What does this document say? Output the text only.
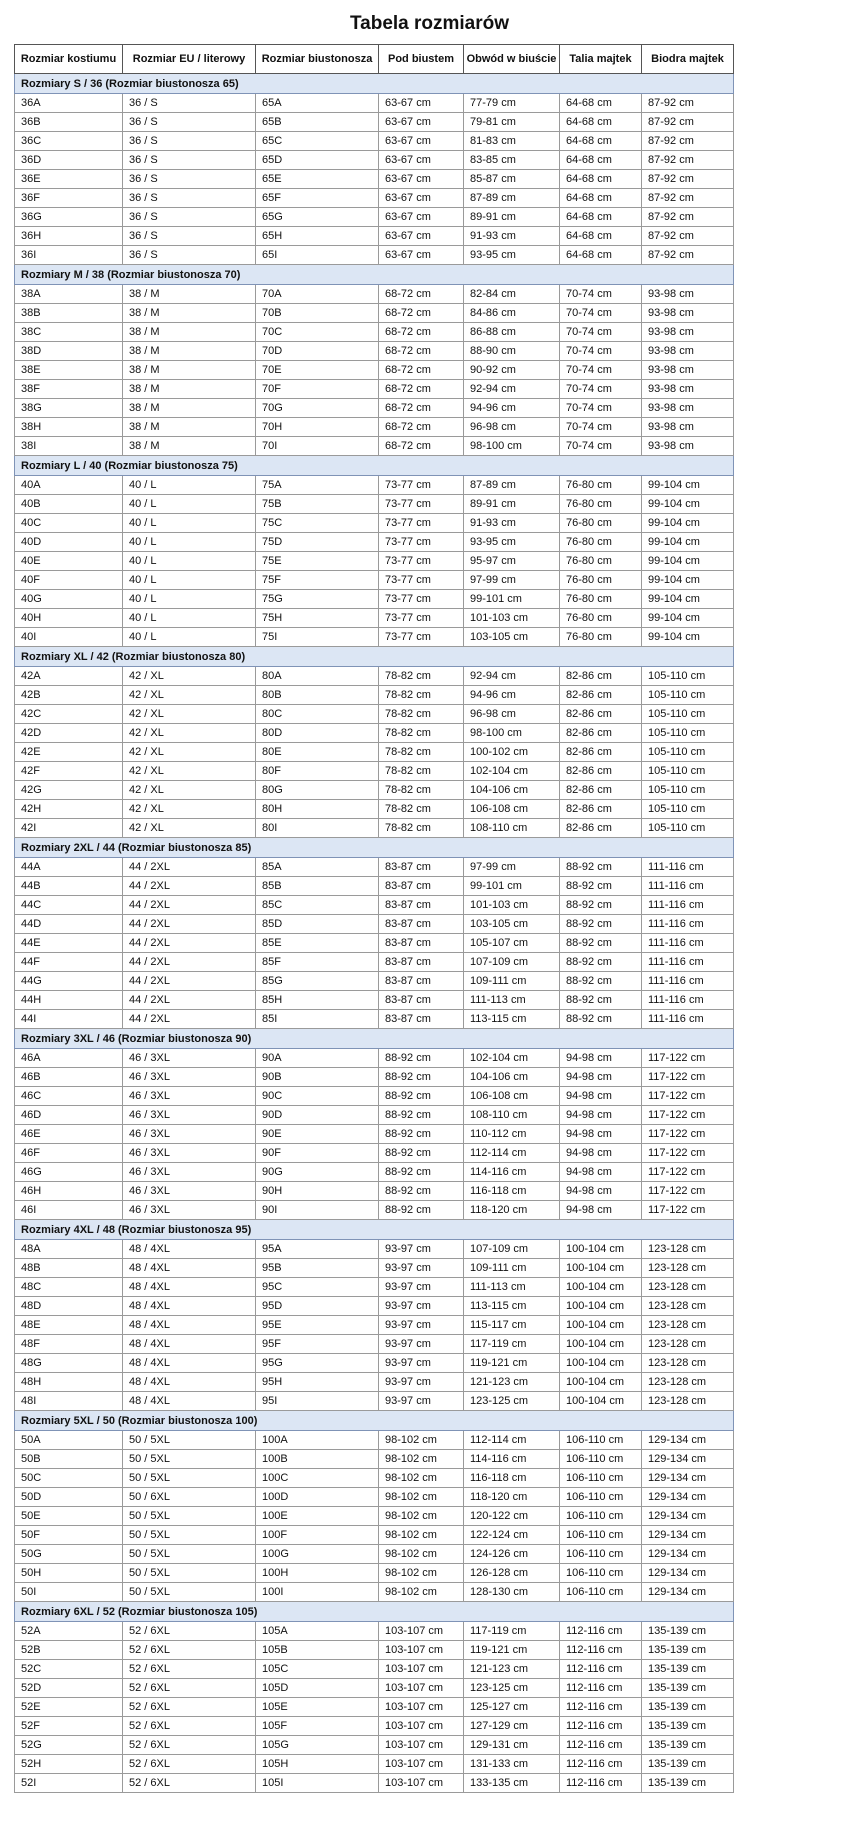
Tabela rozmiarów
Rozmiar kostiumu	Rozmiar EU / literowy	Rozmiar biustonosza	Pod biustem	Obwód w biuście	Talia majtek	Biodra majtek
Rozmiary S / 36 (Rozmiar biustonosza 65)						
36A	36 / S	65A	63-67 cm	77-79 cm	64-68 cm	87-92 cm
36B	36 / S	65B	63-67 cm	79-81 cm	64-68 cm	87-92 cm
36C	36 / S	65C	63-67 cm	81-83 cm	64-68 cm	87-92 cm
36D	36 / S	65D	63-67 cm	83-85 cm	64-68 cm	87-92 cm
36E	36 / S	65E	63-67 cm	85-87 cm	64-68 cm	87-92 cm
36F	36 / S	65F	63-67 cm	87-89 cm	64-68 cm	87-92 cm
36G	36 / S	65G	63-67 cm	89-91 cm	64-68 cm	87-92 cm
36H	36 / S	65H	63-67 cm	91-93 cm	64-68 cm	87-92 cm
36I	36 / S	65I	63-67 cm	93-95 cm	64-68 cm	87-92 cm
Rozmiary M / 38 (Rozmiar biustonosza 70)						
38A	38 / M	70A	68-72 cm	82-84 cm	70-74 cm	93-98 cm
38B	38 / M	70B	68-72 cm	84-86 cm	70-74 cm	93-98 cm
38C	38 / M	70C	68-72 cm	86-88 cm	70-74 cm	93-98 cm
38D	38 / M	70D	68-72 cm	88-90 cm	70-74 cm	93-98 cm
38E	38 / M	70E	68-72 cm	90-92 cm	70-74 cm	93-98 cm
38F	38 / M	70F	68-72 cm	92-94 cm	70-74 cm	93-98 cm
38G	38 / M	70G	68-72 cm	94-96 cm	70-74 cm	93-98 cm
38H	38 / M	70H	68-72 cm	96-98 cm	70-74 cm	93-98 cm
38I	38 / M	70I	68-72 cm	98-100 cm	70-74 cm	93-98 cm
Rozmiary L / 40 (Rozmiar biustonosza 75)						
40A	40 / L	75A	73-77 cm	87-89 cm	76-80 cm	99-104 cm
40B	40 / L	75B	73-77 cm	89-91 cm	76-80 cm	99-104 cm
40C	40 / L	75C	73-77 cm	91-93 cm	76-80 cm	99-104 cm
40D	40 / L	75D	73-77 cm	93-95 cm	76-80 cm	99-104 cm
40E	40 / L	75E	73-77 cm	95-97 cm	76-80 cm	99-104 cm
40F	40 / L	75F	73-77 cm	97-99 cm	76-80 cm	99-104 cm
40G	40 / L	75G	73-77 cm	99-101 cm	76-80 cm	99-104 cm
40H	40 / L	75H	73-77 cm	101-103 cm	76-80 cm	99-104 cm
40I	40 / L	75I	73-77 cm	103-105 cm	76-80 cm	99-104 cm
Rozmiary XL / 42 (Rozmiar biustonosza 80)						
42A	42 / XL	80A	78-82 cm	92-94 cm	82-86 cm	105-110 cm
42B	42 / XL	80B	78-82 cm	94-96 cm	82-86 cm	105-110 cm
42C	42 / XL	80C	78-82 cm	96-98 cm	82-86 cm	105-110 cm
42D	42 / XL	80D	78-82 cm	98-100 cm	82-86 cm	105-110 cm
42E	42 / XL	80E	78-82 cm	100-102 cm	82-86 cm	105-110 cm
42F	42 / XL	80F	78-82 cm	102-104 cm	82-86 cm	105-110 cm
42G	42 / XL	80G	78-82 cm	104-106 cm	82-86 cm	105-110 cm
42H	42 / XL	80H	78-82 cm	106-108 cm	82-86 cm	105-110 cm
42I	42 / XL	80I	78-82 cm	108-110 cm	82-86 cm	105-110 cm
Rozmiary 2XL / 44 (Rozmiar biustonosza 85)						
44A	44 / 2XL	85A	83-87 cm	97-99 cm	88-92 cm	111-116 cm
44B	44 / 2XL	85B	83-87 cm	99-101 cm	88-92 cm	111-116 cm
44C	44 / 2XL	85C	83-87 cm	101-103 cm	88-92 cm	111-116 cm
44D	44 / 2XL	85D	83-87 cm	103-105 cm	88-92 cm	111-116 cm
44E	44 / 2XL	85E	83-87 cm	105-107 cm	88-92 cm	111-116 cm
44F	44 / 2XL	85F	83-87 cm	107-109 cm	88-92 cm	111-116 cm
44G	44 / 2XL	85G	83-87 cm	109-111 cm	88-92 cm	111-116 cm
44H	44 / 2XL	85H	83-87 cm	111-113 cm	88-92 cm	111-116 cm
44I	44 / 2XL	85I	83-87 cm	113-115 cm	88-92 cm	111-116 cm
Rozmiary 3XL / 46 (Rozmiar biustonosza 90)						
46A	46 / 3XL	90A	88-92 cm	102-104 cm	94-98 cm	117-122 cm
46B	46 / 3XL	90B	88-92 cm	104-106 cm	94-98 cm	117-122 cm
46C	46 / 3XL	90C	88-92 cm	106-108 cm	94-98 cm	117-122 cm
46D	46 / 3XL	90D	88-92 cm	108-110 cm	94-98 cm	117-122 cm
46E	46 / 3XL	90E	88-92 cm	110-112 cm	94-98 cm	117-122 cm
46F	46 / 3XL	90F	88-92 cm	112-114 cm	94-98 cm	117-122 cm
46G	46 / 3XL	90G	88-92 cm	114-116 cm	94-98 cm	117-122 cm
46H	46 / 3XL	90H	88-92 cm	116-118 cm	94-98 cm	117-122 cm
46I	46 / 3XL	90I	88-92 cm	118-120 cm	94-98 cm	117-122 cm
Rozmiary 4XL / 48 (Rozmiar biustonosza 95)						
48A	48 / 4XL	95A	93-97 cm	107-109 cm	100-104 cm	123-128 cm
48B	48 / 4XL	95B	93-97 cm	109-111 cm	100-104 cm	123-128 cm
48C	48 / 4XL	95C	93-97 cm	111-113 cm	100-104 cm	123-128 cm
48D	48 / 4XL	95D	93-97 cm	113-115 cm	100-104 cm	123-128 cm
48E	48 / 4XL	95E	93-97 cm	115-117 cm	100-104 cm	123-128 cm
48F	48 / 4XL	95F	93-97 cm	117-119 cm	100-104 cm	123-128 cm
48G	48 / 4XL	95G	93-97 cm	119-121 cm	100-104 cm	123-128 cm
48H	48 / 4XL	95H	93-97 cm	121-123 cm	100-104 cm	123-128 cm
48I	48 / 4XL	95I	93-97 cm	123-125 cm	100-104 cm	123-128 cm
Rozmiary 5XL / 50 (Rozmiar biustonosza 100)						
50A	50 / 5XL	100A	98-102 cm	112-114 cm	106-110 cm	129-134 cm
50B	50 / 5XL	100B	98-102 cm	114-116 cm	106-110 cm	129-134 cm
50C	50 / 5XL	100C	98-102 cm	116-118 cm	106-110 cm	129-134 cm
50D	50 / 6XL	100D	98-102 cm	118-120 cm	106-110 cm	129-134 cm
50E	50 / 5XL	100E	98-102 cm	120-122 cm	106-110 cm	129-134 cm
50F	50 / 5XL	100F	98-102 cm	122-124 cm	106-110 cm	129-134 cm
50G	50 / 5XL	100G	98-102 cm	124-126 cm	106-110 cm	129-134 cm
50H	50 / 5XL	100H	98-102 cm	126-128 cm	106-110 cm	129-134 cm
50I	50 / 5XL	100I	98-102 cm	128-130 cm	106-110 cm	129-134 cm
Rozmiary 6XL / 52 (Rozmiar biustonosza 105)						
52A	52 / 6XL	105A	103-107 cm	117-119 cm	112-116 cm	135-139 cm
52B	52 / 6XL	105B	103-107 cm	119-121 cm	112-116 cm	135-139 cm
52C	52 / 6XL	105C	103-107 cm	121-123 cm	112-116 cm	135-139 cm
52D	52 / 6XL	105D	103-107 cm	123-125 cm	112-116 cm	135-139 cm
52E	52 / 6XL	105E	103-107 cm	125-127 cm	112-116 cm	135-139 cm
52F	52 / 6XL	105F	103-107 cm	127-129 cm	112-116 cm	135-139 cm
52G	52 / 6XL	105G	103-107 cm	129-131 cm	112-116 cm	135-139 cm
52H	52 / 6XL	105H	103-107 cm	131-133 cm	112-116 cm	135-139 cm
52I	52 / 6XL	105I	103-107 cm	133-135 cm	112-116 cm	135-139 cm
